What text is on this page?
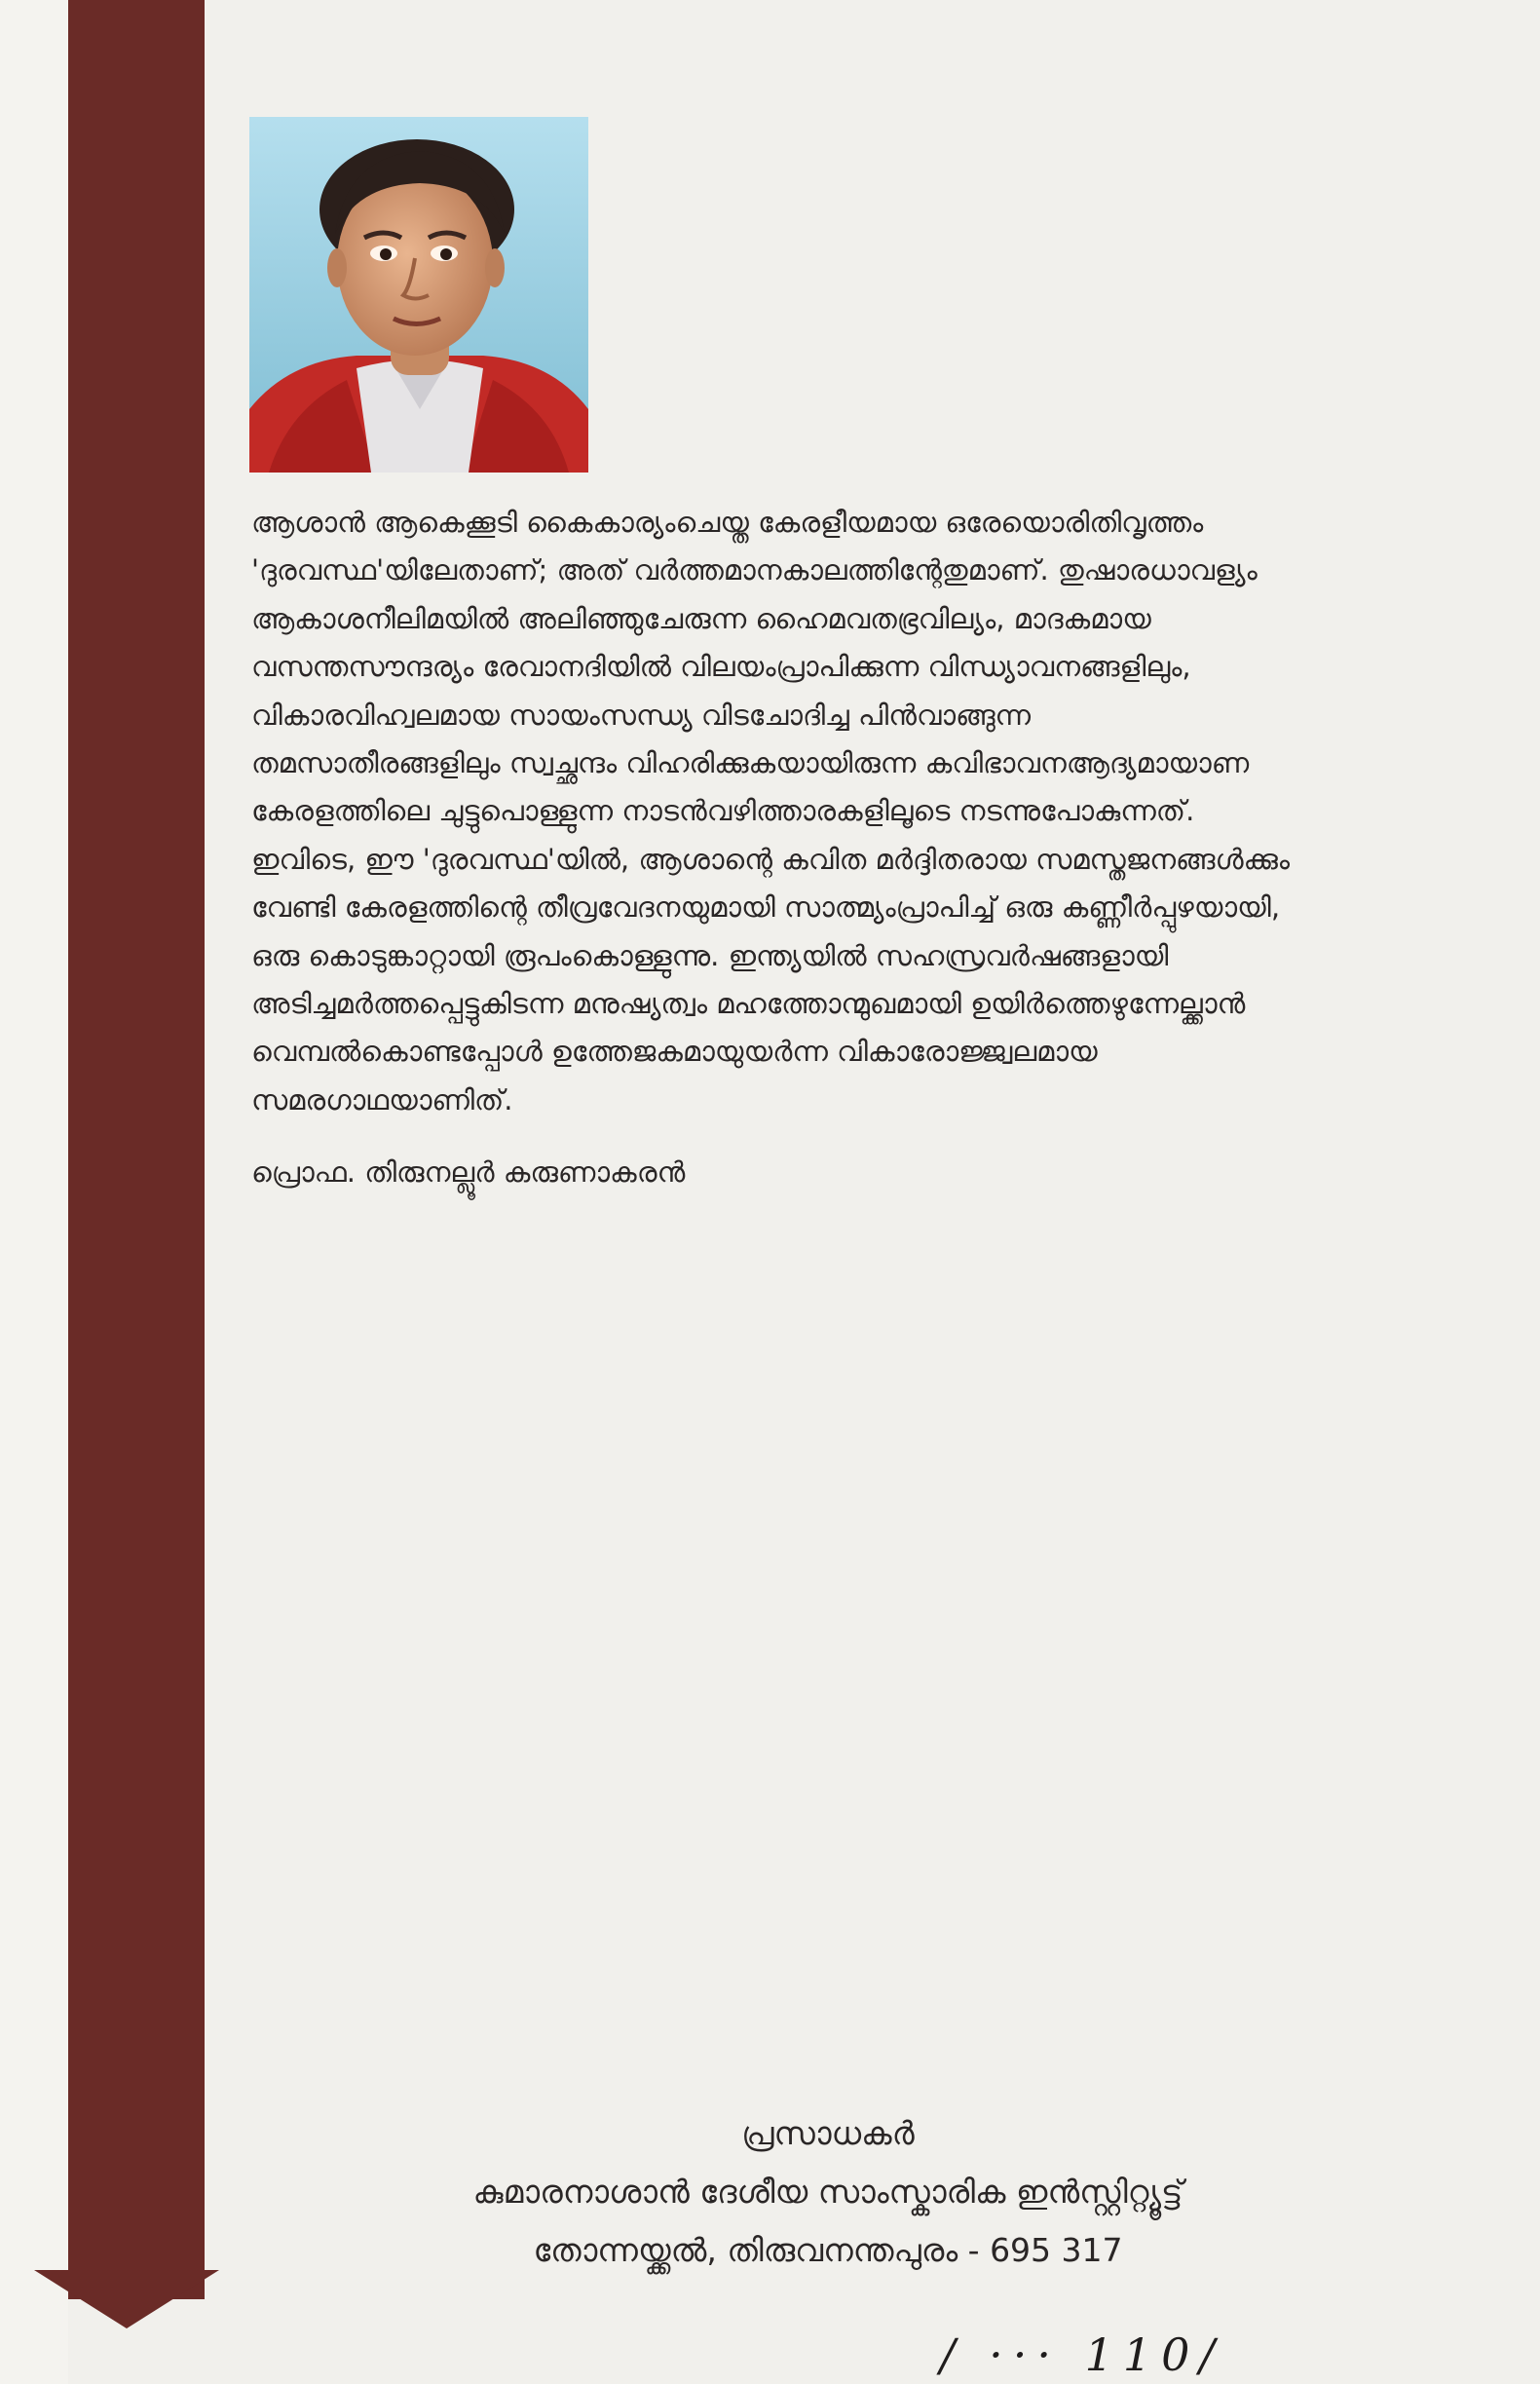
ആശാൻ ആകെക്കൂടി കൈകാര്യംചെയ്ത കേരളീയമായ ഒരേയൊരിതിവൃത്തം

'ദുരവസ്ഥ'യിലേതാണ്; അത് വർത്തമാനകാലത്തിന്റേതുമാണ്. തുഷാരധാവള്യം

ആകാശനീലിമയിൽ അലിഞ്ഞുചേരുന്ന ഹൈമവതഭ്രവില്യം, മാദകമായ

വസന്തസൗന്ദര്യം രേവാനദിയിൽ വിലയംപ്രാപിക്കുന്ന വിന്ധ്യാവനങ്ങളിലും,

വികാരവിഹ്വലമായ സായംസന്ധ്യ വിടചോദിച്ച പിൻവാങ്ങുന്ന

തമസാതീരങ്ങളിലും സ്വച്ഛന്ദം വിഹരിക്കുകയായിരുന്ന കവിഭാവനആദ്യമായാണ

കേരളത്തിലെ ചുട്ടുപൊള്ളുന്ന നാടൻവഴിത്താരകളിലൂടെ നടന്നുപോകുന്നത്.

ഇവിടെ, ഈ 'ദുരവസ്ഥ'യിൽ, ആശാന്റെ കവിത മർദ്ദിതരായ സമസ്തജനങ്ങൾക്കും

വേണ്ടി കേരളത്തിന്റെ തീവ്രവേദനയുമായി സാത്മ്യംപ്രാപിച്ച് ഒരു കണ്ണീർപ്പുഴയായി,

ഒരു കൊടുങ്കാറ്റായി രൂപംകൊള്ളുന്നു. ഇന്ത്യയിൽ സഹസ്രവർഷങ്ങളായി

അടിച്ചമർത്തപ്പെട്ടുകിടന്ന മനുഷ്യത്വം മഹത്തോന്മുഖമായി ഉയിർത്തെഴുന്നേല്ക്കാൻ

വെമ്പൽകൊണ്ടപ്പോൾ ഉത്തേജകമായുയർന്ന വികാരോജ്ജ്വലമായ

സമരഗാഥയാണിത്.

പ്രൊഫ. തിരുനല്ലൂർ കരുണാകരൻ
പ്രസാധകർ
കുമാരനാശാൻ ദേശീയ സാംസ്കാരിക ഇൻസ്റ്റിറ്റ്യൂട്ട്
തോന്നയ്ക്കൽ, തിരുവനന്തപുരം - 695 317
/ ··· 110/
